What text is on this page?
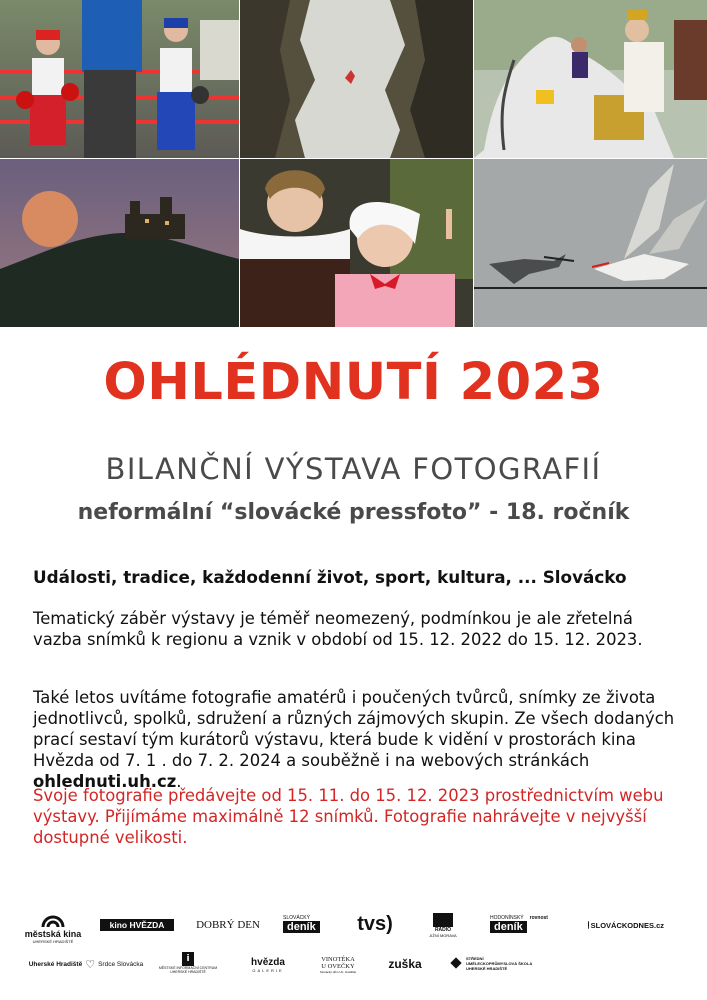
OHLÉDNUTÍ 2023
BILANČNÍ VÝSTAVA FOTOGRAFIÍ
neformální “slovácké pressfoto” - 18. ročník
Události, tradice, každodenní život, sport, kultura, ... Slovácko
Tematický záběr výstavy je téměř neomezený, podmínkou je ale zřetelná vazba snímků k regionu a vznik v období od 15. 12. 2022 do 15. 12. 2023.
Také letos uvítáme fotografie amatérů i poučených tvůrců, snímky ze života jednotlivců, spolků, sdružení a různých zájmových skupin. Ze všech dodaných prací sestaví tým kurátorů výstavu, která bude k vidění v prostorách kina Hvězda od 7. 1 . do 7. 2. 2024 a souběžně i na webových stránkách ohlednuti.uh.cz.
Svoje fotografie předávejte od 15. 11. do 15. 12. 2023 prostřednictvím webu výstavy. Přijímáme maximálně 12 snímků. Fotografie nahrávejte v nejvyšší dostupné velikosti.
městská kina
UHERSKÉ HRADIŠTĚ
kino HVĚZDA	DOBRÝ DEN
SLOVÁCKÝ
deník tvs)	RADIO
JIŽNÍ MORAVA
HODONÍNSKÝ rovnost
deník	SLOVÁCKODNES.cz
Uherské Hradiště ♡ Srdce Slovácka	i
MĚSTSKÉ INFORMAČNÍ CENTRUM
UHERSKÉ HRADIŠTĚ
hvězda
GALERIE
VINOTÉKA
U OVEČKY
Slovácký dům Uh. Hradiště
zuška	STŘEDNÍ
UMĚLECKOPRŮMYSLOVÁ ŠKOLA
UHERSKÉ HRADIŠTĚ
